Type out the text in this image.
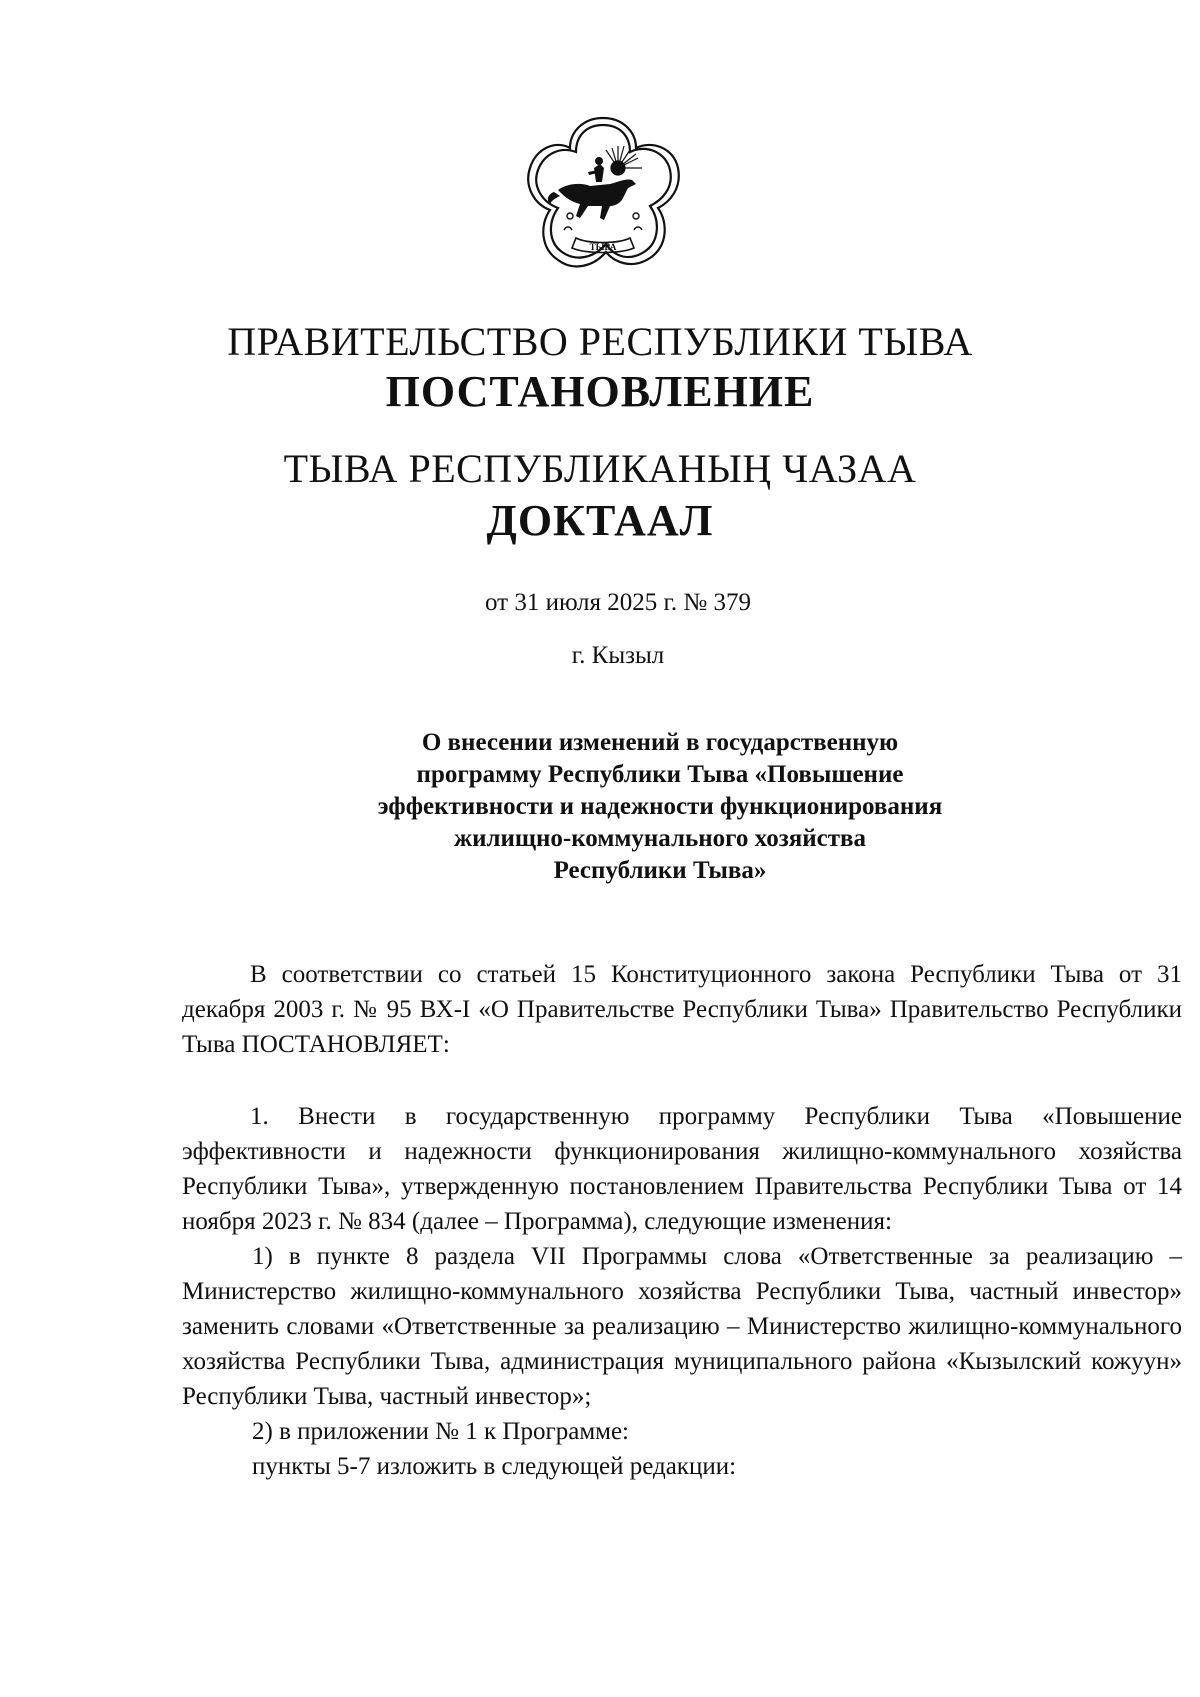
ТЫВА
ПРАВИТЕЛЬСТВО РЕСПУБЛИКИ ТЫВА
ПОСТАНОВЛЕНИЕ
ТЫВА РЕСПУБЛИКАНЫҢ ЧАЗАА
ДОКТААЛ
от 31 июля 2025 г. № 379
г. Кызыл
О внесении изменений в государственную
программу Республики Тыва «Повышение
эффективности и надежности функционирования
жилищно-коммунального хозяйства
Республики Тыва»

В соответствии со статьей 15 Конституционного закона Республики Тыва от 31 декабря 2003 г. № 95 ВХ-I «О Правительстве Республики Тыва» Правительство Республики Тыва ПОСТАНОВЛЯЕТ:

1. Внести в государственную программу Республики Тыва «Повышение эффективности и надежности функционирования жилищно-коммунального хозяйства Республики Тыва», утвержденную постановлением Правительства Республики Тыва от 14 ноября 2023 г. № 834 (далее – Программа), следующие изменения:

1) в пункте 8 раздела VII Программы слова «Ответственные за реализацию – Министерство жилищно-коммунального хозяйства Республики Тыва, частный инвестор» заменить словами «Ответственные за реализацию – Министерство жилищно-коммунального хозяйства Республики Тыва, администрация муниципального района «Кызылский кожуун» Республики Тыва, частный инвестор»;

2) в приложении № 1 к Программе:

пункты 5-7 изложить в следующей редакции:
